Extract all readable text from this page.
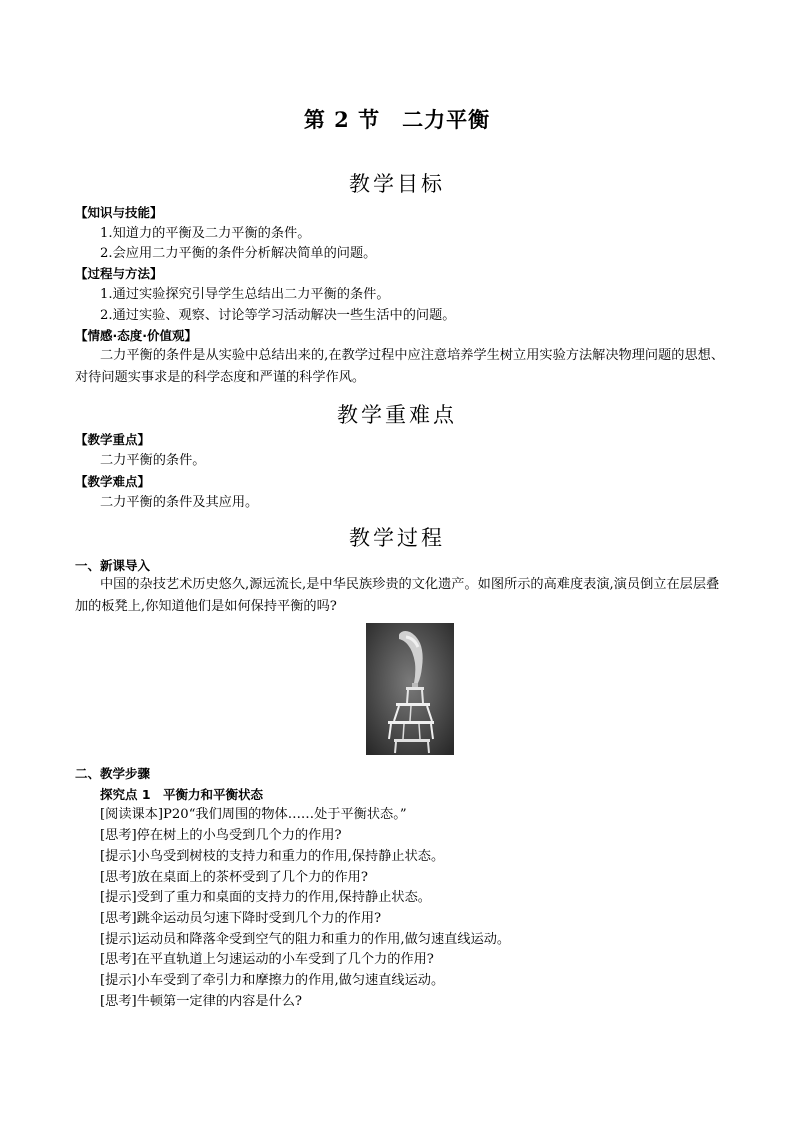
第 2 节 二力平衡
教学目标
【知识与技能】
1.知道力的平衡及二力平衡的条件。
2.会应用二力平衡的条件分析解决简单的问题。
【过程与方法】
1.通过实验探究引导学生总结出二力平衡的条件。
2.通过实验、观察、讨论等学习活动解决一些生活中的问题。
【情感·态度·价值观】
二力平衡的条件是从实验中总结出来的,在教学过程中应注意培养学生树立用实验方法解决物理问题的思想、对待问题实事求是的科学态度和严谨的科学作风。
教学重难点
【教学重点】
二力平衡的条件。
【教学难点】
二力平衡的条件及其应用。
教学过程
一、新课导入
中国的杂技艺术历史悠久,源远流长,是中华民族珍贵的文化遗产。如图所示的高难度表演,演员倒立在层层叠加的板凳上,你知道他们是如何保持平衡的吗?
二、教学步骤
探究点 1　平衡力和平衡状态
[阅读课本]P20“我们周围的物体……处于平衡状态。”
[思考]停在树上的小鸟受到几个力的作用?
[提示]小鸟受到树枝的支持力和重力的作用,保持静止状态。
[思考]放在桌面上的茶杯受到了几个力的作用?
[提示]受到了重力和桌面的支持力的作用,保持静止状态。
[思考]跳伞运动员匀速下降时受到几个力的作用?
[提示]运动员和降落伞受到空气的阻力和重力的作用,做匀速直线运动。
[思考]在平直轨道上匀速运动的小车受到了几个力的作用?
[提示]小车受到了牵引力和摩擦力的作用,做匀速直线运动。
[思考]牛顿第一定律的内容是什么?
